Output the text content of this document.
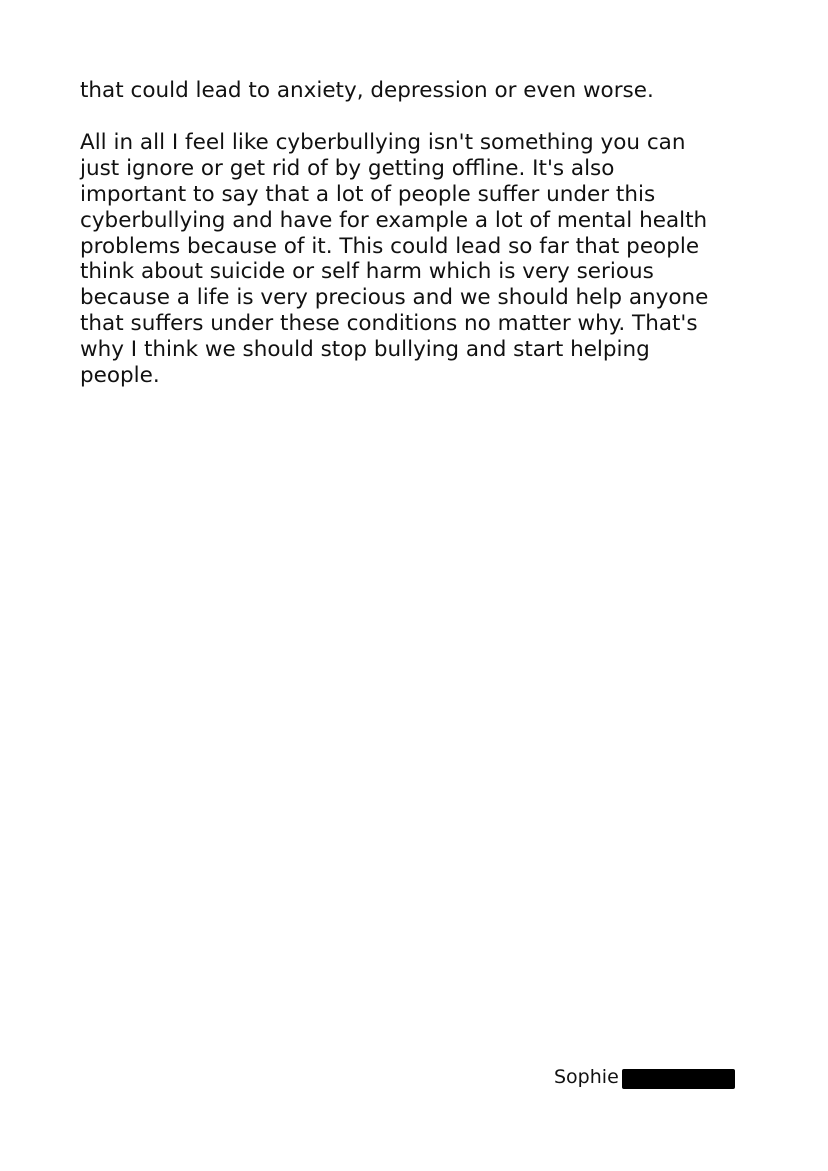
that could lead to anxiety, depression or even worse.
All in all I feel like cyberbullying isn't something you can
just ignore or get rid of by getting offline. It's also
important to say that a lot of people suffer under this
cyberbullying and have for example a lot of mental health
problems because of it. This could lead so far that people
think about suicide or self harm which is very serious
because a life is very precious and we should help anyone
that suffers under these conditions no matter why. That's
why I think we should stop bullying and start helping
people.
Sophie
